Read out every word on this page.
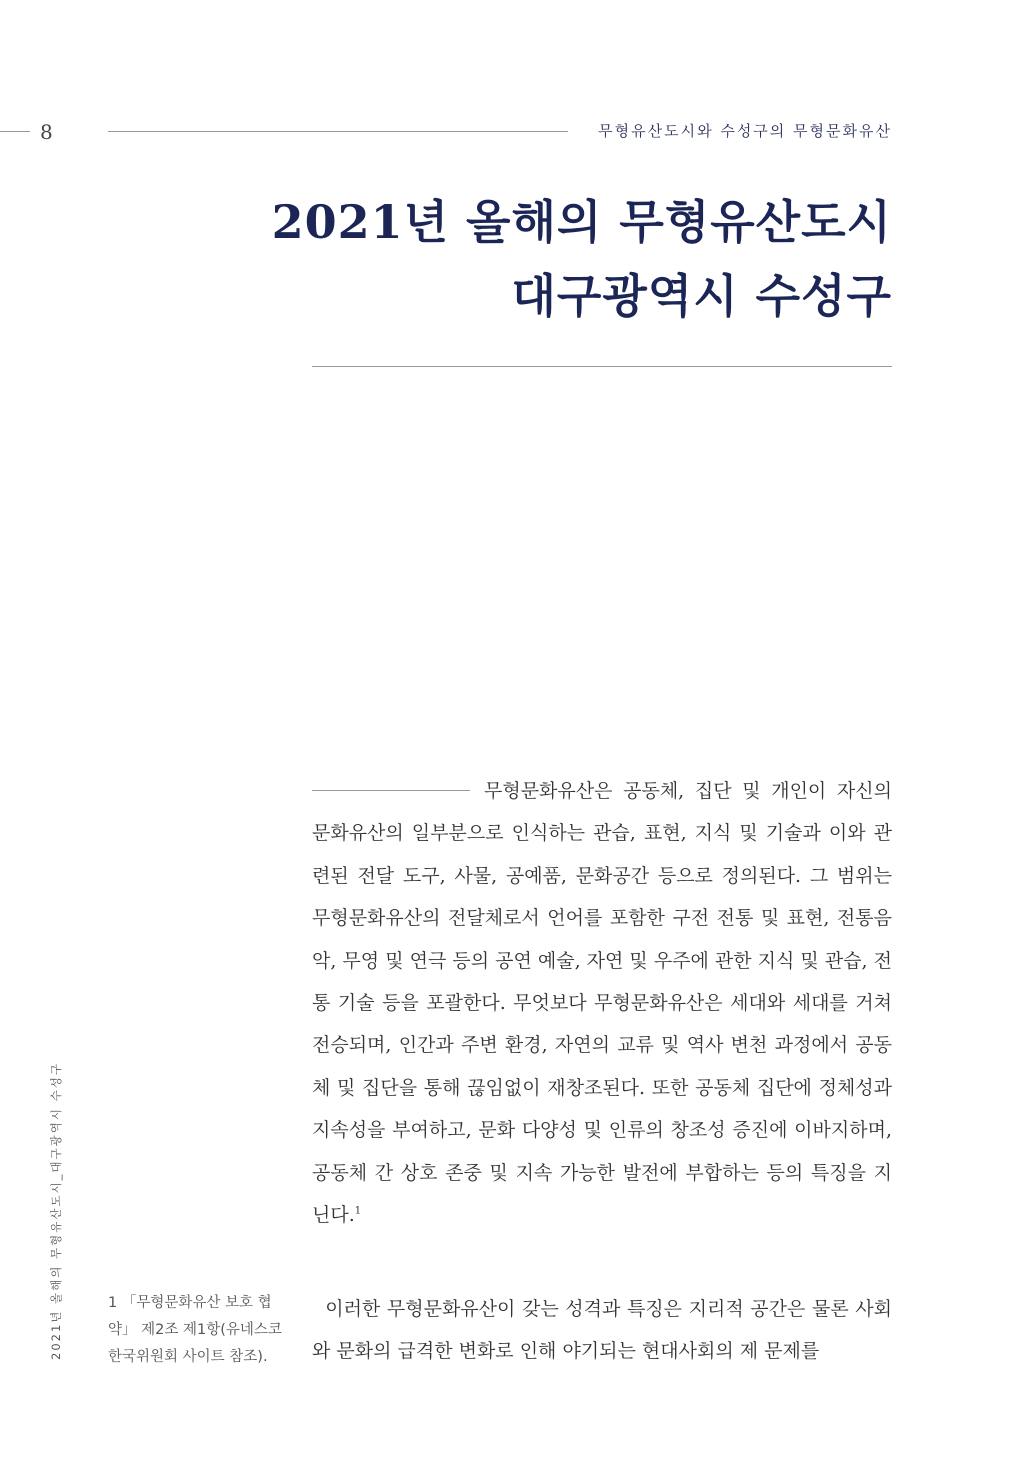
8	무형유산도시와 수성구의 무형문화유산
2021년 올해의 무형유산도시
대구광역시 수성구

무형문화유산은 공동체, 집단 및 개인이 자신의 문화유산의 일부분으로 인식하는 관습, 표현, 지식 및 기술과 이와 관련된 전달 도구, 사물, 공예품, 문화공간 등으로 정의된다. 그 범위는 무형문화유산의 전달체로서 언어를 포함한 구전 전통 및 표현, 전통음악, 무영 및 연극 등의 공연 예술, 자연 및 우주에 관한 지식 및 관습, 전통 기술 등을 포괄한다. 무엇보다 무형문화유산은 세대와 세대를 거쳐 전승되며, 인간과 주변 환경, 자연의 교류 및 역사 변천 과정에서 공동체 및 집단을 통해 끊임없이 재창조된다. 또한 공동체 집단에 정체성과 지속성을 부여하고, 문화 다양성 및 인류의 창조성 증진에 이바지하며, 공동체 간 상호 존중 및 지속 가능한 발전에 부합하는 등의 특징을 지닌다.$^1$

이러한 무형문화유산이 갖는 성격과 특징은 지리적 공간은 물론 사회와 문화의 급격한 변화로 인해 야기되는 현대사회의 제 문제를

1 「무형문화유산 보호 협약」 제2조 제1항(유네스코 한국위원회 사이트 참조).
2021년 올해의 무형유산도시_대구광역시 수성구
